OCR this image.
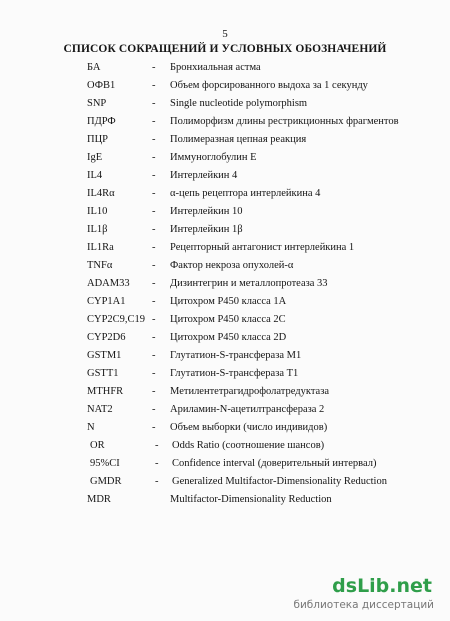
5
СПИСОК СОКРАЩЕНИЙ И УСЛОВНЫХ ОБОЗНАЧЕНИЙ
БА	- Бронхиальная астма
ОФВ1	- Объем форсированного выдоха за 1 секунду
SNP	- Single nucleotide polymorphism
ПДРФ	- Полиморфизм длины рестрикционных фрагментов
ПЦР	- Полимеразная цепная реакция
IgE	- Иммуноглобулин Е
IL4	- Интерлейкин 4
IL4Rα	- α-цепь рецептора интерлейкина 4
IL10	- Интерлейкин 10
IL1β	- Интерлейкин 1β
IL1Ra	- Рецепторный антагонист интерлейкина 1
TNFα	- Фактор некроза опухолей-α
ADAM33 - Дизинтегрин и металлопротеаза 33
CYP1A1	- Цитохром Р450 класса 1А
CYP2C9,C19 - Цитохром Р450 класса 2С
CYP2D6	- Цитохром Р450 класса 2D
GSTM1	- Глутатион-S-трансфераза М1
GSTT1	- Глутатион-S-трансфераза Т1
MTHFR	- Метилентетрагидрофолатредуктаза
NAT2	- Ариламин-N-ацетилтрансфераза 2
N	- Объем выборки (число индивидов)
OR	- Odds Ratio (соотношение шансов)
95%CI	- Confidence interval (доверительный интервал)
GMDR	- Generalized Multifactor-Dimensionality Reduction
MDR	Multifactor-Dimensionality Reduction
dsLib.net
библиотека диссертаций
